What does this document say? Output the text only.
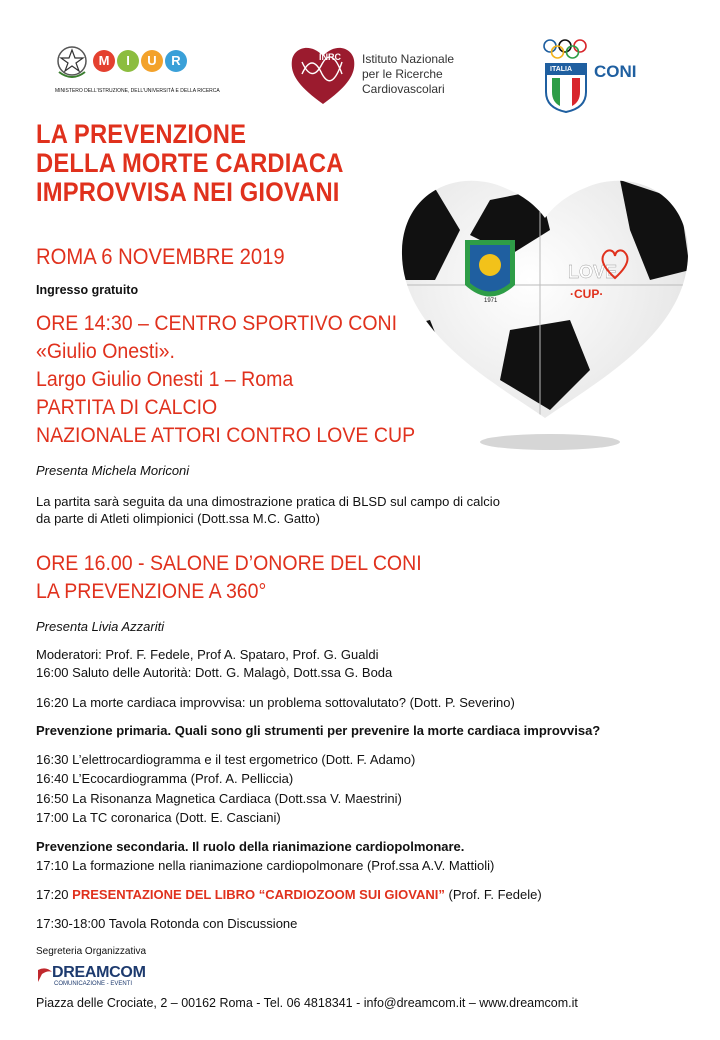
M I U R
MINISTERO DELL'ISTRUZIONE, DELL'UNIVERSITÀ E DELLA RICERCA
INRC Istituto Nazionale
per le Ricerche
Cardiovascolari
ITALIA CONI
1971
LOVE
·CUP·
LA PREVENZIONE
DELLA MORTE CARDIACA
IMPROVVISA NEI GIOVANI
ROMA 6 NOVEMBRE 2019
Ingresso gratuito
ORE 14:30 – CENTRO SPORTIVO CONI
«Giulio Onesti».
Largo Giulio Onesti 1 – Roma
PARTITA DI CALCIO
NAZIONALE ATTORI CONTRO LOVE CUP
Presenta Michela Moriconi
La partita sarà seguita da una dimostrazione pratica di BLSD sul campo di calcio
da parte di Atleti olimpionici (Dott.ssa M.C. Gatto)
ORE 16.00 - SALONE D’ONORE DEL CONI
LA PREVENZIONE A 360°
Presenta Livia Azzariti
Moderatori: Prof. F. Fedele, Prof A. Spataro, Prof. G. Gualdi
16:00 Saluto delle Autorità: Dott. G. Malagò, Dott.ssa G. Boda
16:20 La morte cardiaca improvvisa: un problema sottovalutato? (Dott. P. Severino)
Prevenzione primaria. Quali sono gli strumenti per prevenire la morte cardiaca improvvisa?
16:30 L’elettrocardiogramma e il test ergometrico (Dott. F. Adamo)
16:40 L’Ecocardiogramma (Prof. A. Pelliccia)
16:50 La Risonanza Magnetica Cardiaca (Dott.ssa V. Maestrini)
17:00 La TC coronarica (Dott. E. Casciani)
Prevenzione secondaria. Il ruolo della rianimazione cardiopolmonare.
17:10 La formazione nella rianimazione cardiopolmonare (Prof.ssa A.V. Mattioli)
17:20 PRESENTAZIONE DEL LIBRO “CARDIOZOOM SUI GIOVANI” (Prof. F. Fedele)
17:30-18:00 Tavola Rotonda con Discussione
Segreteria Organizzativa
DREAMCOM
COMUNICAZIONE - EVENTI
Piazza delle Crociate, 2 – 00162 Roma - Tel. 06 4818341 - info@dreamcom.it – www.dreamcom.it
